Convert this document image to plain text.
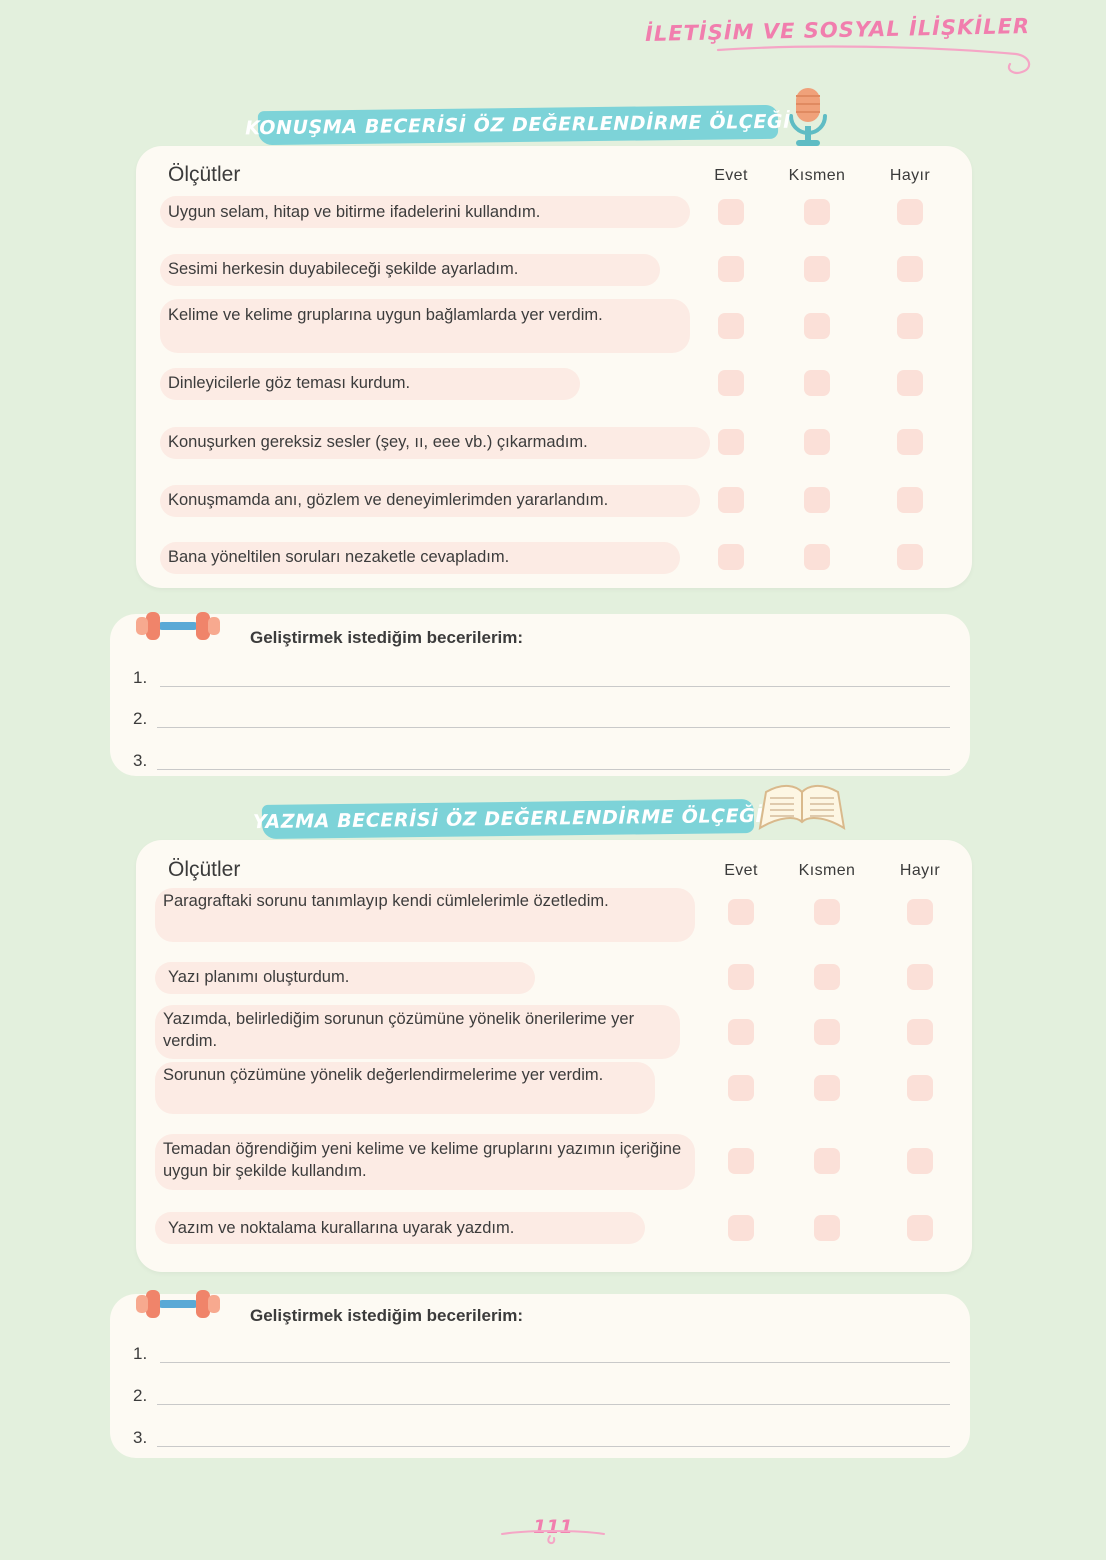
İLETİŞİM VE SOSYAL İLİŞKİLER
KONUŞMA BECERİSİ ÖZ DEĞERLENDİRME ÖLÇEĞİ
Ölçütler	Evet	Kısmen	Hayır
Uygun selam, hitap ve bitirme ifadelerini kullandım.
Sesimi herkesin duyabileceği şekilde ayarladım.
Kelime ve kelime gruplarına uygun bağlamlarda yer verdim.
Dinleyicilerle göz teması kurdum.
Konuşurken gereksiz sesler (şey, ıı, eee vb.) çıkarmadım.
Konuşmamda anı, gözlem ve deneyimlerimden yararlandım.
Bana yöneltilen soruları nezaketle cevapladım.
Geliştirmek istediğim becerilerim:
1.
2.
3.
YAZMA BECERİSİ ÖZ DEĞERLENDİRME ÖLÇEĞİ
Ölçütler	Evet	Kısmen	Hayır
Paragraftaki sorunu tanımlayıp kendi cümlelerimle özetledim.
Yazı planımı oluşturdum.
Yazımda, belirlediğim sorunun çözümüne yönelik önerilerime yer verdim.
Sorunun çözümüne yönelik değerlendirmelerime yer verdim.
Temadan öğrendiğim yeni kelime ve kelime gruplarını yazımın içeriğine uygun bir şekilde kullandım.
Yazım ve noktalama kurallarına uyarak yazdım.
Geliştirmek istediğim becerilerim:
1.
2.
3.
111
